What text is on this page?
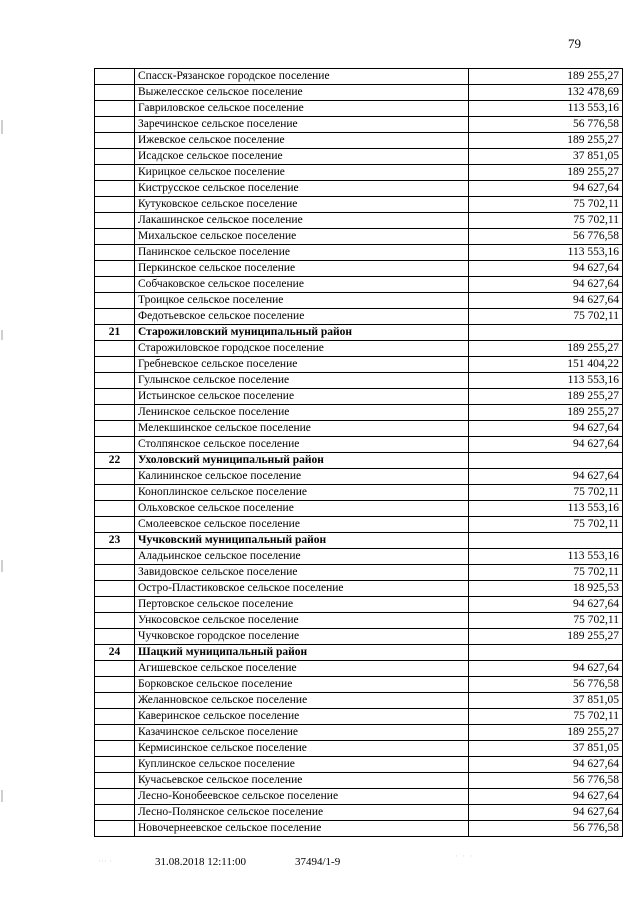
79
	Спасск-Рязанское городское поселение	189 255,27
	Выжелесское сельское поселение	132 478,69
	Гавриловское сельское поселение	113 553,16
	Заречинское сельское поселение	56 776,58
	Ижевское сельское поселение	189 255,27
	Исадское сельское поселение	37 851,05
	Кирицкое сельское поселение	189 255,27
	Киструсское сельское поселение	94 627,64
	Кутуковское сельское поселение	75 702,11
	Лакашинское сельское поселение	75 702,11
	Михальское сельское поселение	56 776,58
	Панинское сельское поселение	113 553,16
	Перкинское сельское поселение	94 627,64
	Собчаковское сельское поселение	94 627,64
	Троицкое сельское поселение	94 627,64
	Федотьевское сельское поселение	75 702,11
21	Старожиловский муниципальный район	
	Старожиловское городское поселение	189 255,27
	Гребневское сельское поселение	151 404,22
	Гулынское сельское поселение	113 553,16
	Истьинское сельское поселение	189 255,27
	Ленинское сельское поселение	189 255,27
	Мелекшинское сельское поселение	94 627,64
	Столпянское сельское поселение	94 627,64
22	Ухоловский муниципальный район	
	Калининское сельское поселение	94 627,64
	Коноплинское сельское поселение	75 702,11
	Ольховское сельское поселение	113 553,16
	Смолеевское сельское поселение	75 702,11
23	Чучковский муниципальный район	
	Аладьинское сельское поселение	113 553,16
	Завидовское сельское поселение	75 702,11
	Остро-Пластиковское сельское поселение	18 925,53
	Пертовское сельское поселение	94 627,64
	Ункосовское сельское поселение	75 702,11
	Чучковское городское поселение	189 255,27
24	Шацкий муниципальный район	
	Агишевское сельское поселение	94 627,64
	Борковское сельское поселение	56 776,58
	Желанновское сельское поселение	37 851,05
	Каверинское сельское поселение	75 702,11
	Казачинское сельское поселение	189 255,27
	Кермисинское сельское поселение	37 851,05
	Куплинское сельское поселение	94 627,64
	Кучасьевское сельское поселение	56 776,58
	Лесно-Конобеевское сельское поселение	94 627,64
	Лесно-Полянское сельское поселение	94 627,64
	Новочернеевское сельское поселение	56 776,58
··· ·	31.08.2018 12:11:00	37494/1-9	· · ·
